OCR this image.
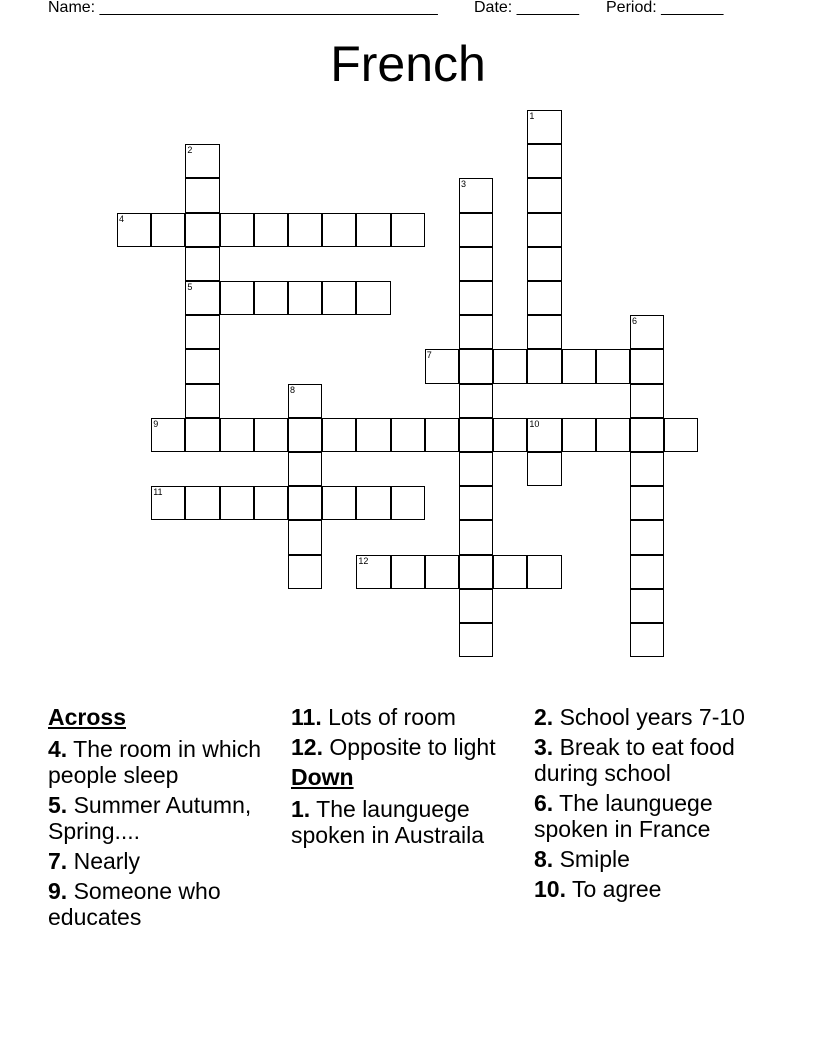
Name: ______________________________________ Date: _______ Period: _______
French
1
2
5
3
4
6
7
8
9	10
11
12
Across
4. The room in which people sleep
5. Summer Autumn, Spring....
7. Nearly
9. Someone who educates
11. Lots of room
12. Opposite to light
Down
1. The launguege spoken in Austraila
2. School years 7-10
3. Break to eat food during school
6. The launguege spoken in France
8. Smiple
10. To agree
